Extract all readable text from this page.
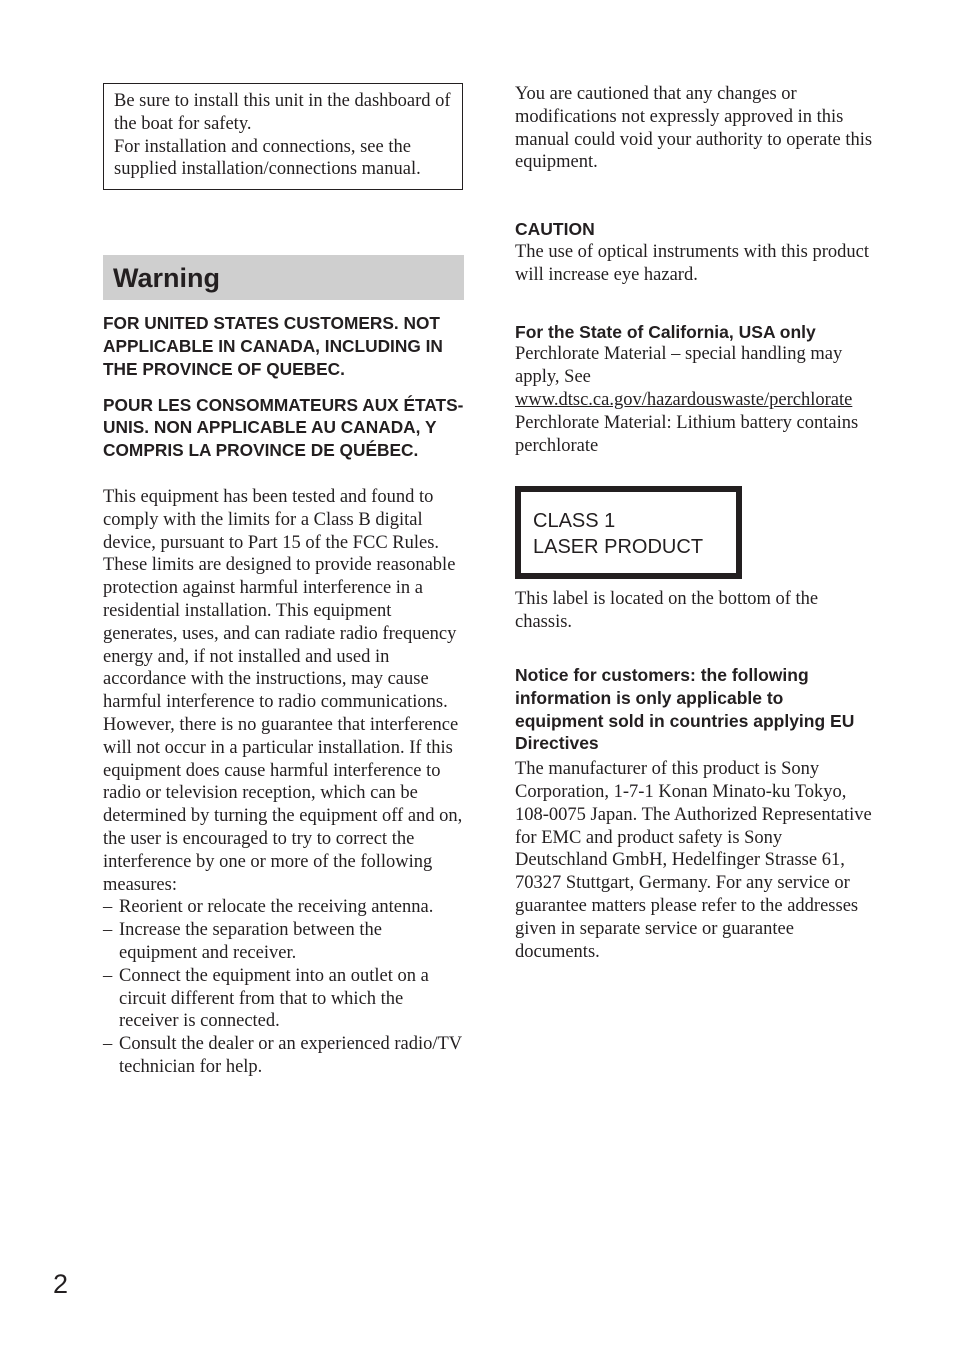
Be sure to install this unit in the dashboard of the boat for safety.

For installation and connections, see the supplied installation/connections manual.

Warning

FOR UNITED STATES CUSTOMERS. NOT APPLICABLE IN CANADA, INCLUDING IN THE PROVINCE OF QUEBEC.

POUR LES CONSOMMATEURS AUX ÉTATS-UNIS. NON APPLICABLE AU CANADA, Y COMPRIS LA PROVINCE DE QUÉBEC.

This equipment has been tested and found to comply with the limits for a Class B digital device, pursuant to Part 15 of the FCC Rules.

These limits are designed to provide reasonable protection against harmful interference in a residential installation. This equipment generates, uses, and can radiate radio frequency energy and, if not installed and used in accordance with the instructions, may cause harmful interference to radio communications. However, there is no guarantee that interference will not occur in a particular installation. If this equipment does cause harmful interference to radio or television reception, which can be determined by turning the equipment off and on, the user is encouraged to try to correct the interference by one or more of the following measures:

– Reorient or relocate the receiving antenna.
– Increase the separation between the equipment and receiver.
– Connect the equipment into an outlet on a circuit different from that to which the receiver is connected.
– Consult the dealer or an experienced radio/TV technician for help.

You are cautioned that any changes or modifications not expressly approved in this manual could void your authority to operate this equipment.

CAUTION

The use of optical instruments with this product will increase eye hazard.

For the State of California, USA only

Perchlorate Material – special handling may apply, See

www.dtsc.ca.gov/hazardouswaste/perchlorate

Perchlorate Material: Lithium battery contains perchlorate

CLASS 1
LASER PRODUCT

This label is located on the bottom of the chassis.

Notice for customers: the following information is only applicable to equipment sold in countries applying EU Directives

The manufacturer of this product is Sony Corporation, 1-7-1 Konan Minato-ku Tokyo, 108-0075 Japan. The Authorized Representative for EMC and product safety is Sony Deutschland GmbH, Hedelfinger Strasse 61, 70327 Stuttgart, Germany. For any service or guarantee matters please refer to the addresses given in separate service or guarantee documents.

2
